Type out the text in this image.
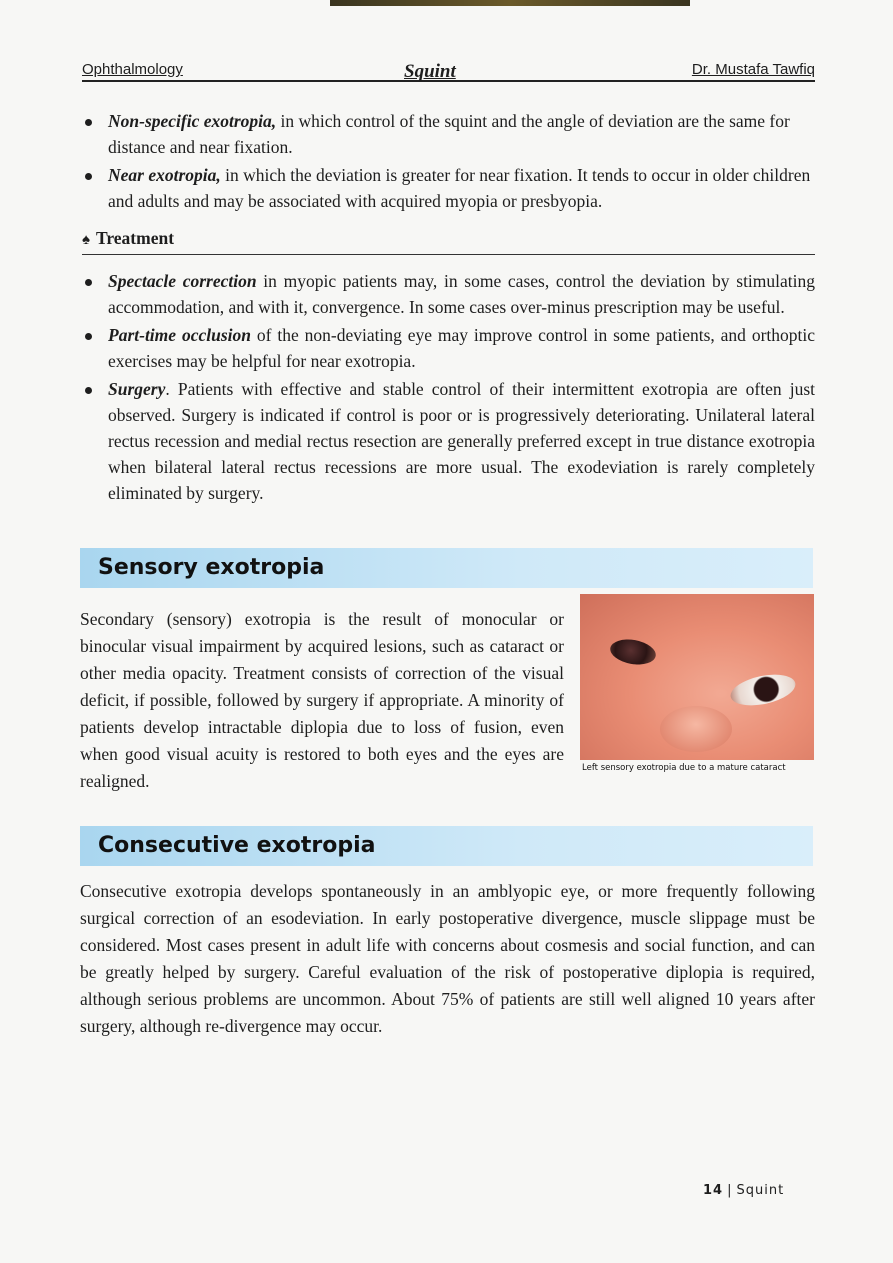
Ophthalmology	Squint	Dr. Mustafa Tawfiq
Non-specific exotropia, in which control of the squint and the angle of deviation are the same for distance and near fixation.
Near exotropia, in which the deviation is greater for near fixation. It tends to occur in older children and adults and may be associated with acquired myopia or presbyopia.
♠ Treatment
Spectacle correction in myopic patients may, in some cases, control the deviation by stimulating accommodation, and with it, convergence. In some cases over-minus prescription may be useful.
Part-time occlusion of the non-deviating eye may improve control in some patients, and orthoptic exercises may be helpful for near exotropia.
Surgery. Patients with effective and stable control of their intermittent exotropia are often just observed. Surgery is indicated if control is poor or is progressively deteriorating. Unilateral lateral rectus recession and medial rectus resection are generally preferred except in true distance exotropia when bilateral lateral rectus recessions are more usual. The exodeviation is rarely completely eliminated by surgery.
Sensory exotropia
Secondary (sensory) exotropia is the result of monocular or binocular visual impairment by acquired lesions, such as cataract or other media opacity. Treatment consists of correction of the visual deficit, if possible, followed by surgery if appropriate. A minority of patients develop intractable diplopia due to loss of fusion, even when good visual acuity is restored to both eyes and the eyes are realigned.
Left sensory exotropia due to a mature cataract
Consecutive exotropia
Consecutive exotropia develops spontaneously in an amblyopic eye, or more frequently following surgical correction of an esodeviation. In early postoperative divergence, muscle slippage must be considered. Most cases present in adult life with concerns about cosmesis and social function, and can be greatly helped by surgery. Careful evaluation of the risk of postoperative diplopia is required, although serious problems are uncommon. About 75% of patients are still well aligned 10 years after surgery, although re-divergence may occur.
14 | Squint
